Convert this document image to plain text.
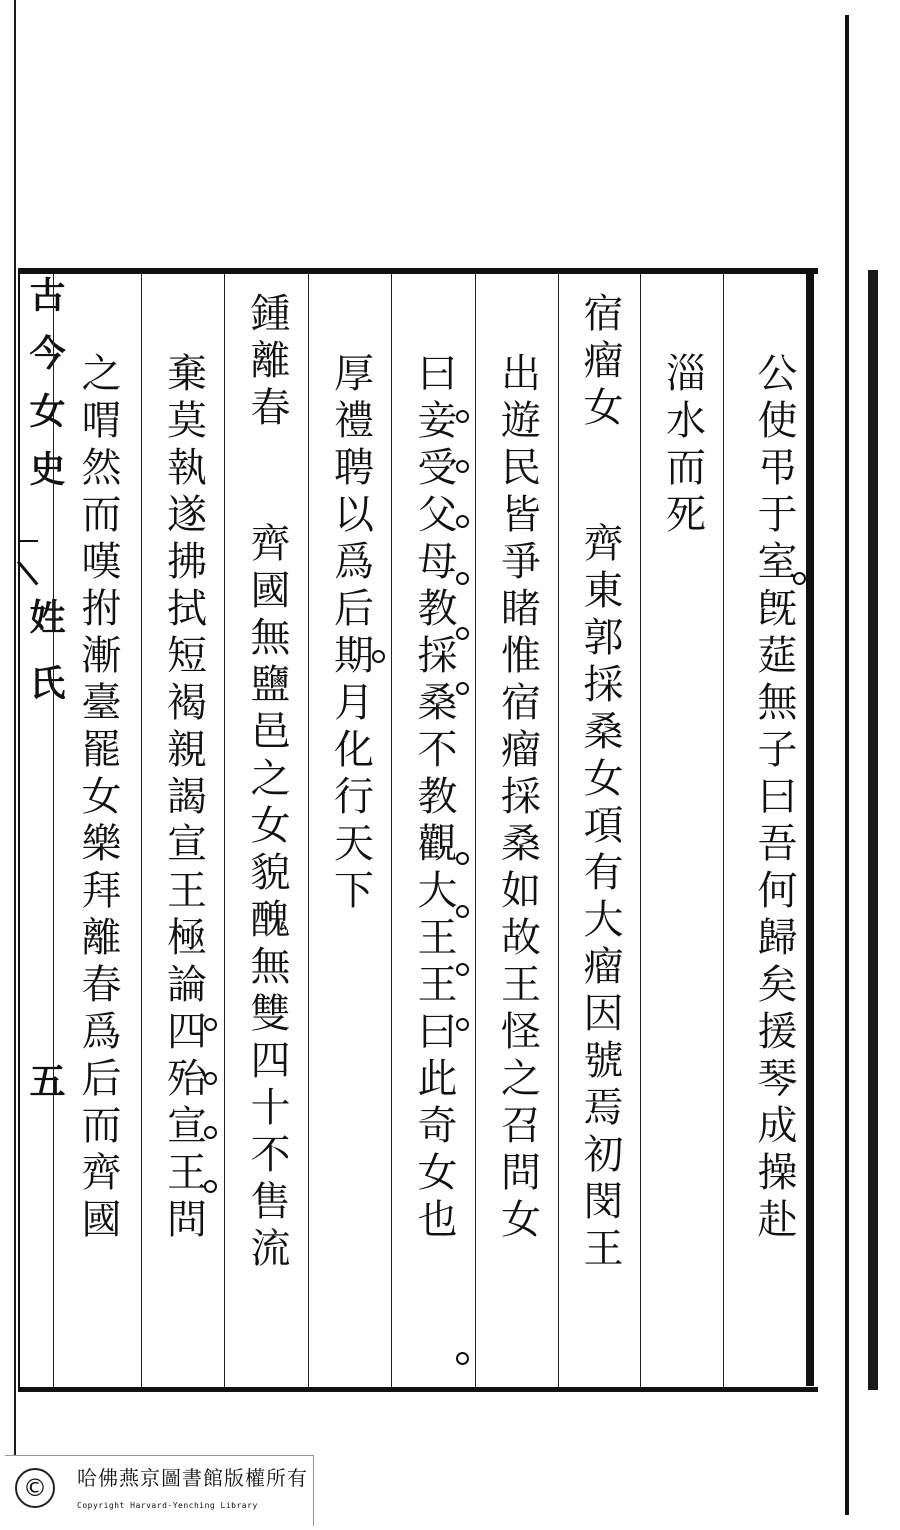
古
今
女
史
姓
氏
五	公使弔于室旣莚無子曰吾何歸矣援琴成操赴
淄水而死
宿瘤女
齊東郭採桑女項有大瘤因號焉初閔王
出遊民皆爭睹惟宿瘤採桑如故王怪之召問女
曰妾受父母教採桑不教觀大王王曰此奇女也
厚禮聘以爲后期月化行天下
鍾離春
齊國無鹽邑之女貌醜無雙四十不售流
棄莫執遂拂拭短褐親謁宣王極論四殆宣王問
之喟然而嘆拊漸臺罷女樂拜離春爲后而齊國
©	哈佛燕京圖書館版權所有
Copyright Harvard-Yenching Library
